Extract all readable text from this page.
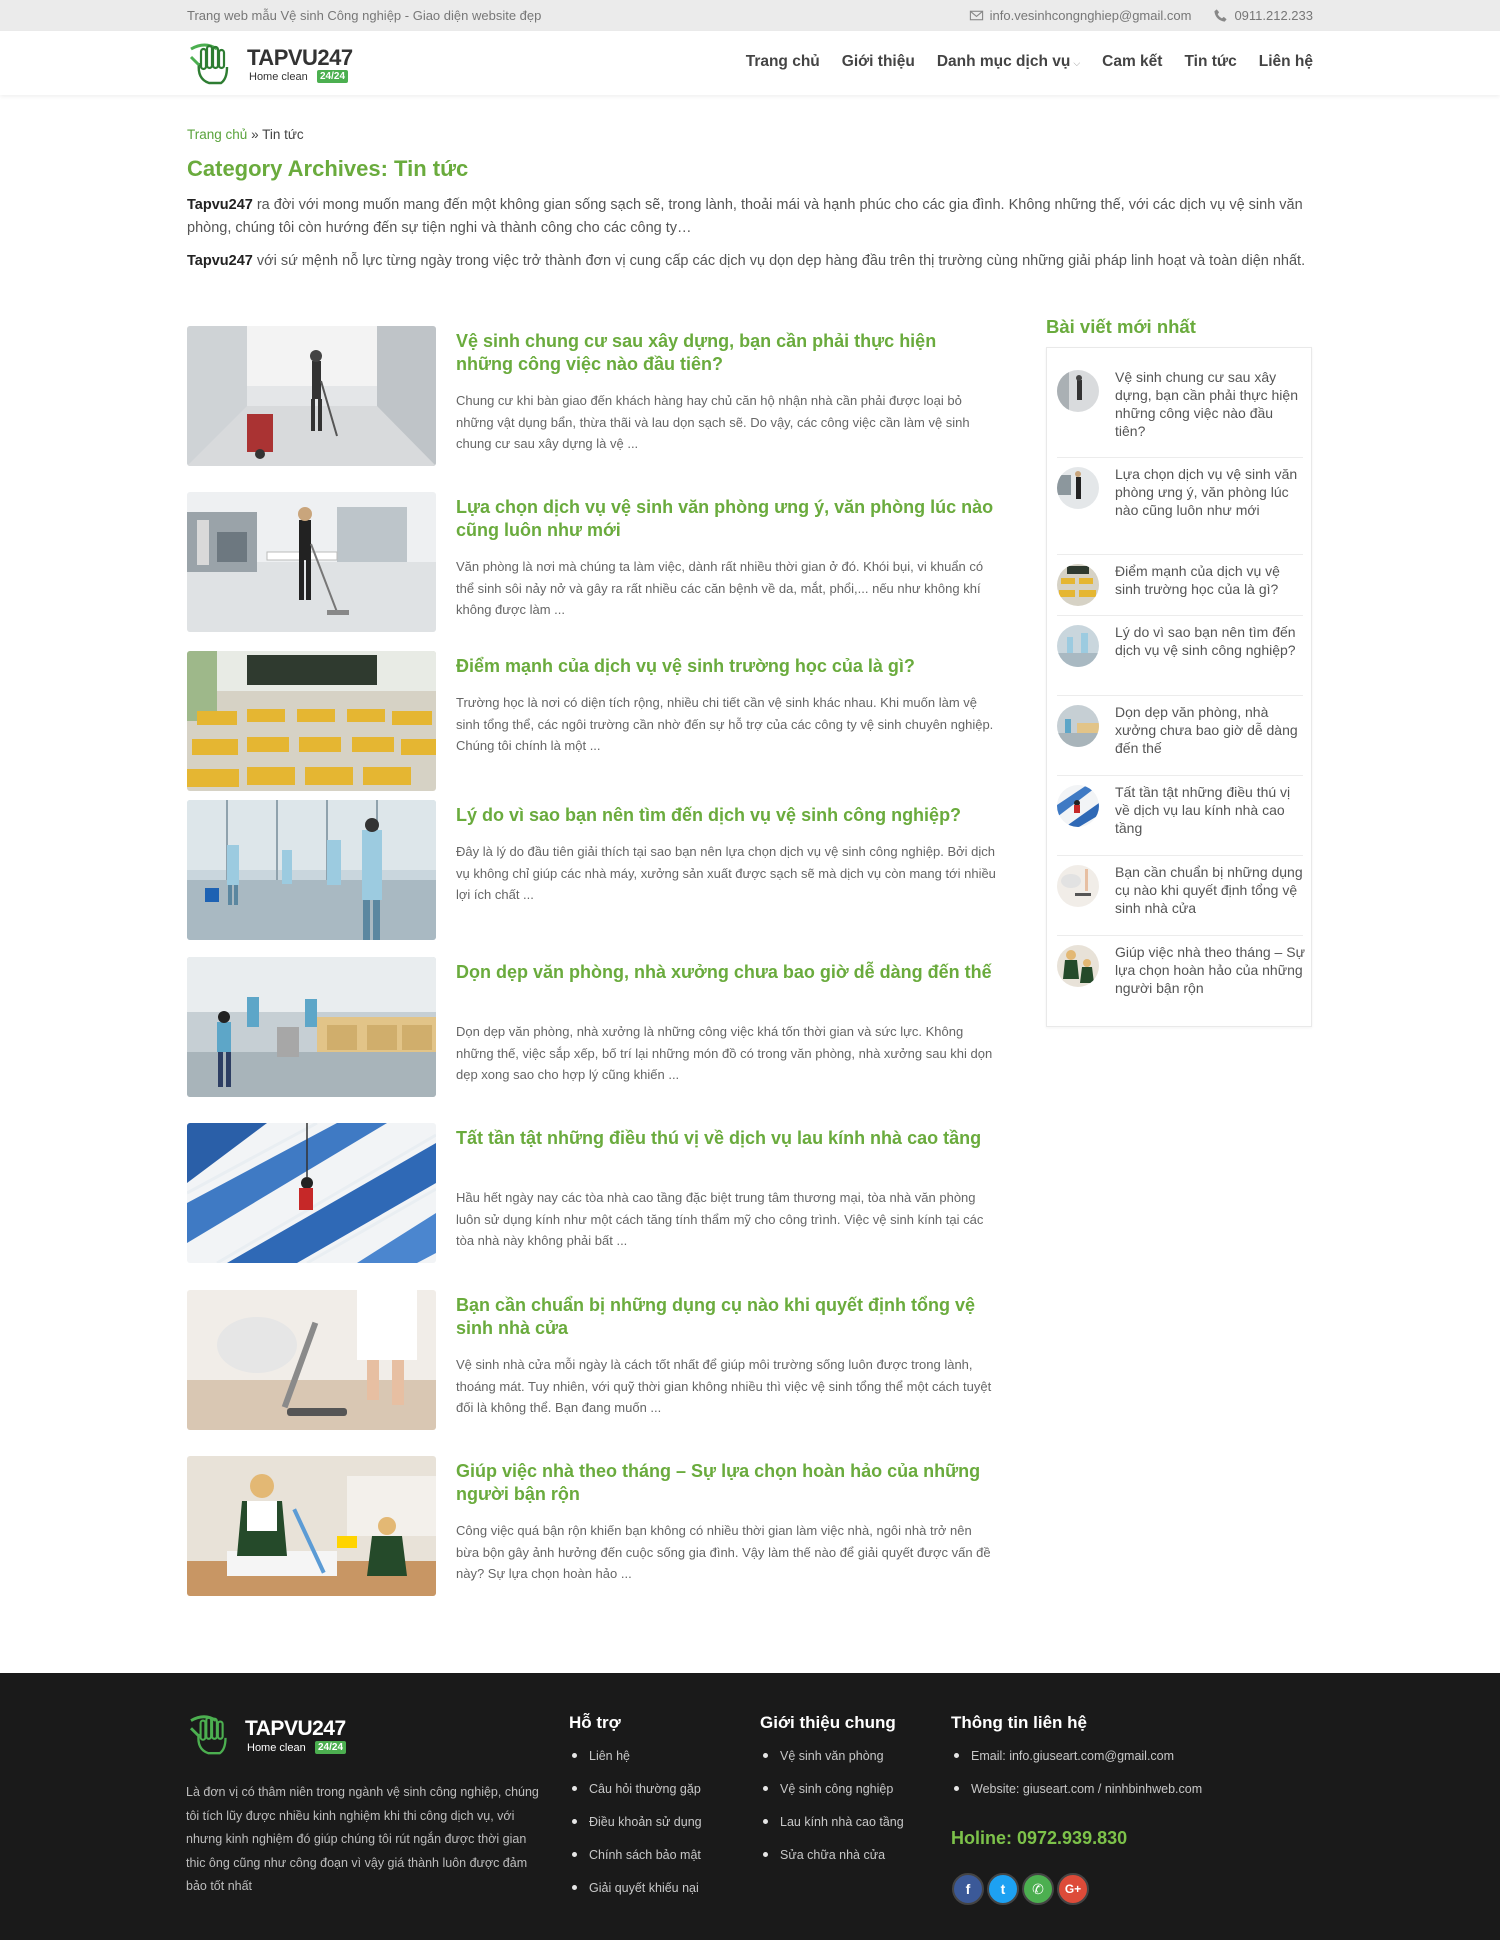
Trang web mẫu Vệ sinh Công nghiệp - Giao diện website đẹp	info.vesinhcongnghiep@gmail.com	0911.212.233
TAPVU247
Home clean	24/24
Trang chủ Giới thiệu Danh mục dịch vụ ⌵ Cam kết Tin tức Liên hệ
Trang chủ » Tin tức
Category Archives: Tin tức

Tapvu247 ra đời với mong muốn mang đến một không gian sống sạch sẽ, trong lành, thoải mái và hạnh phúc cho các gia đình. Không những thế, với các dịch vụ vệ sinh văn phòng, chúng tôi còn hướng đến sự tiện nghi và thành công cho các công ty…

Tapvu247 với sứ mệnh nỗ lực từng ngày trong việc trở thành đơn vị cung cấp các dịch vụ dọn dẹp hàng đầu trên thị trường cùng những giải pháp linh hoạt và toàn diện nhất.

Vệ sinh chung cư sau xây dựng, bạn cần phải thực hiện những công việc nào đầu tiên?
Chung cư khi bàn giao đến khách hàng hay chủ căn hộ nhận nhà cần phải được loại bỏ những vật dụng bẩn, thừa thãi và lau dọn sạch sẽ. Do vậy, các công việc cần làm vệ sinh chung cư sau xây dựng là vệ ...
Lựa chọn dịch vụ vệ sinh văn phòng ưng ý, văn phòng lúc nào cũng luôn như mới
Văn phòng là nơi mà chúng ta làm việc, dành rất nhiều thời gian ở đó. Khói bụi, vi khuẩn có thể sinh sôi nảy nở và gây ra rất nhiều các căn bệnh về da, mắt, phổi,... nếu như không khí không được làm ...
Điểm mạnh của dịch vụ vệ sinh trường học của là gì?
Trường học là nơi có diện tích rộng, nhiều chi tiết cần vệ sinh khác nhau. Khi muốn làm vệ sinh tổng thể, các ngôi trường cần nhờ đến sự hỗ trợ của các công ty vệ sinh chuyên nghiệp. Chúng tôi chính là một ...
Lý do vì sao bạn nên tìm đến dịch vụ vệ sinh công nghiệp?
Đây là lý do đầu tiên giải thích tại sao bạn nên lựa chọn dịch vụ vệ sinh công nghiệp. Bởi dịch vụ không chỉ giúp các nhà máy, xưởng sản xuất được sạch sẽ mà dịch vụ còn mang tới nhiều lợi ích chất ...
Dọn dẹp văn phòng, nhà xưởng chưa bao giờ dễ dàng đến thế
Dọn dẹp văn phòng, nhà xưởng là những công việc khá tốn thời gian và sức lực. Không những thế, việc sắp xếp, bố trí lại những món đồ có trong văn phòng, nhà xưởng sau khi dọn dẹp xong sao cho hợp lý cũng khiến ...
Tất tần tật những điều thú vị về dịch vụ lau kính nhà cao tầng
Hầu hết ngày nay các tòa nhà cao tầng đặc biệt trung tâm thương mại, tòa nhà văn phòng luôn sử dụng kính như một cách tăng tính thẩm mỹ cho công trình. Việc vệ sinh kính tại các tòa nhà này không phải bất ...
Bạn cần chuẩn bị những dụng cụ nào khi quyết định tổng vệ sinh nhà cửa
Vệ sinh nhà cửa mỗi ngày là cách tốt nhất để giúp môi trường sống luôn được trong lành, thoáng mát. Tuy nhiên, với quỹ thời gian không nhiều thì việc vệ sinh tổng thể một cách tuyệt đối là không thể. Bạn đang muốn ...
Giúp việc nhà theo tháng – Sự lựa chọn hoàn hảo của những người bận rộn
Công việc quá bận rộn khiến bạn không có nhiều thời gian làm việc nhà, ngôi nhà trở nên bừa bộn gây ảnh hưởng đến cuộc sống gia đình. Vậy làm thế nào để giải quyết được vấn đề này? Sự lựa chọn hoàn hảo ...
Bài viết mới nhất
Vệ sinh chung cư sau xây dựng, bạn cần phải thực hiện những công việc nào đầu tiên?
Lựa chọn dịch vụ vệ sinh văn phòng ưng ý, văn phòng lúc nào cũng luôn như mới
Điểm mạnh của dịch vụ vệ sinh trường học của là gì?
Lý do vì sao bạn nên tìm đến dịch vụ vệ sinh công nghiệp?
Dọn dẹp văn phòng, nhà xưởng chưa bao giờ dễ dàng đến thế
Tất tần tật những điều thú vị về dịch vụ lau kính nhà cao tầng
Bạn cần chuẩn bị những dụng cụ nào khi quyết định tổng vệ sinh nhà cửa
Giúp việc nhà theo tháng – Sự lựa chọn hoàn hảo của những người bận rộn
TAPVU247
Home clean	24/24

Là đơn vị có thâm niên trong ngành vệ sinh công nghiệp, chúng tôi tích lũy được nhiều kinh nghiệm khi thi công dịch vụ, với nhưng kinh nghiệm đó giúp chúng tôi rút ngắn được thời gian thic ông cũng như công đoạn vì vậy giá thành luôn được đảm bảo tốt nhất

Hỗ trợ
Liên hệ
Câu hỏi thường gặp
Điều khoản sử dụng
Chính sách bảo mật
Giải quyết khiếu nại
Giới thiệu chung
Vệ sinh văn phòng
Vệ sinh công nghiệp
Lau kính nhà cao tầng
Sửa chữa nhà cửa
Thông tin liên hệ
Email: info.giuseart.com@gmail.com
Website: giuseart.com / ninhbinhweb.com
Holine: 0972.939.830
f	t	✆	G+
